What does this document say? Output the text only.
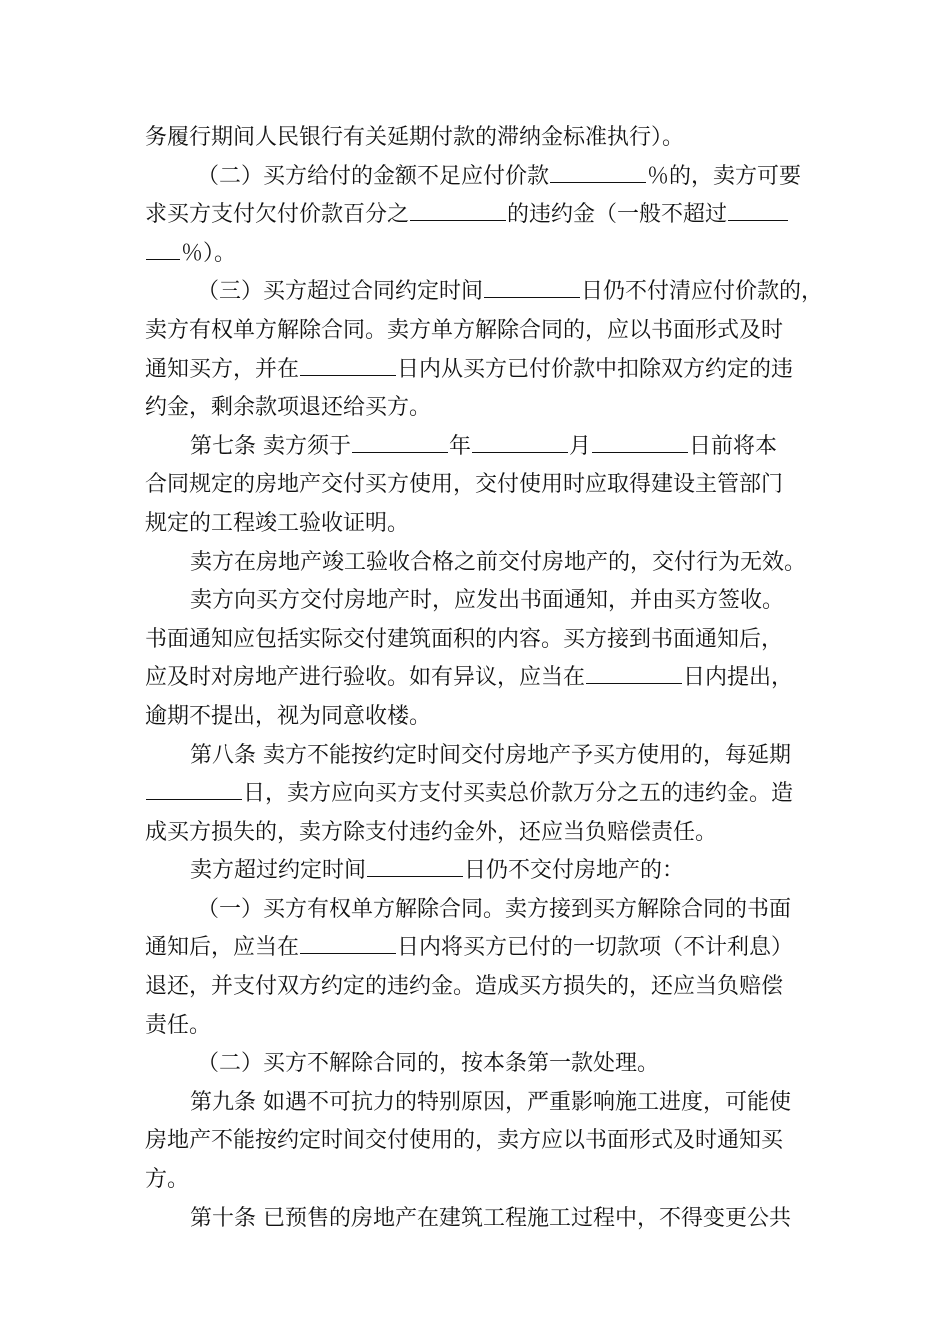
务履行期间人民银行有关延期付款的滞纳金标准执行）。
（二）买方给付的金额不足应付价款	％的，卖方可要
求买方支付欠付价款百分之	的违约金（一般不超过
％）。
（三）买方超过合同约定时间	日仍不付清应付价款的，
卖方有权单方解除合同。卖方单方解除合同的，应以书面形式及时
通知买方，并在	日内从买方已付价款中扣除双方约定的违
约金，剩余款项退还给买方。
第七条 卖方须于	年	月	日前将本
合同规定的房地产交付买方使用，交付使用时应取得建设主管部门
规定的工程竣工验收证明。
卖方在房地产竣工验收合格之前交付房地产的，交付行为无效。
卖方向买方交付房地产时，应发出书面通知，并由买方签收。
书面通知应包括实际交付建筑面积的内容。买方接到书面通知后，
应及时对房地产进行验收。如有异议，应当在	日内提出，
逾期不提出，视为同意收楼。
第八条 卖方不能按约定时间交付房地产予买方使用的，每延期
日，卖方应向买方支付买卖总价款万分之五的违约金。造
成买方损失的，卖方除支付违约金外，还应当负赔偿责任。
卖方超过约定时间	日仍不交付房地产的：
（一）买方有权单方解除合同。卖方接到买方解除合同的书面
通知后，应当在	日内将买方已付的一切款项（不计利息）
退还，并支付双方约定的违约金。造成买方损失的，还应当负赔偿
责任。
（二）买方不解除合同的，按本条第一款处理。
第九条 如遇不可抗力的特别原因，严重影响施工进度，可能使
房地产不能按约定时间交付使用的，卖方应以书面形式及时通知买
方。
第十条 已预售的房地产在建筑工程施工过程中，不得变更公共
